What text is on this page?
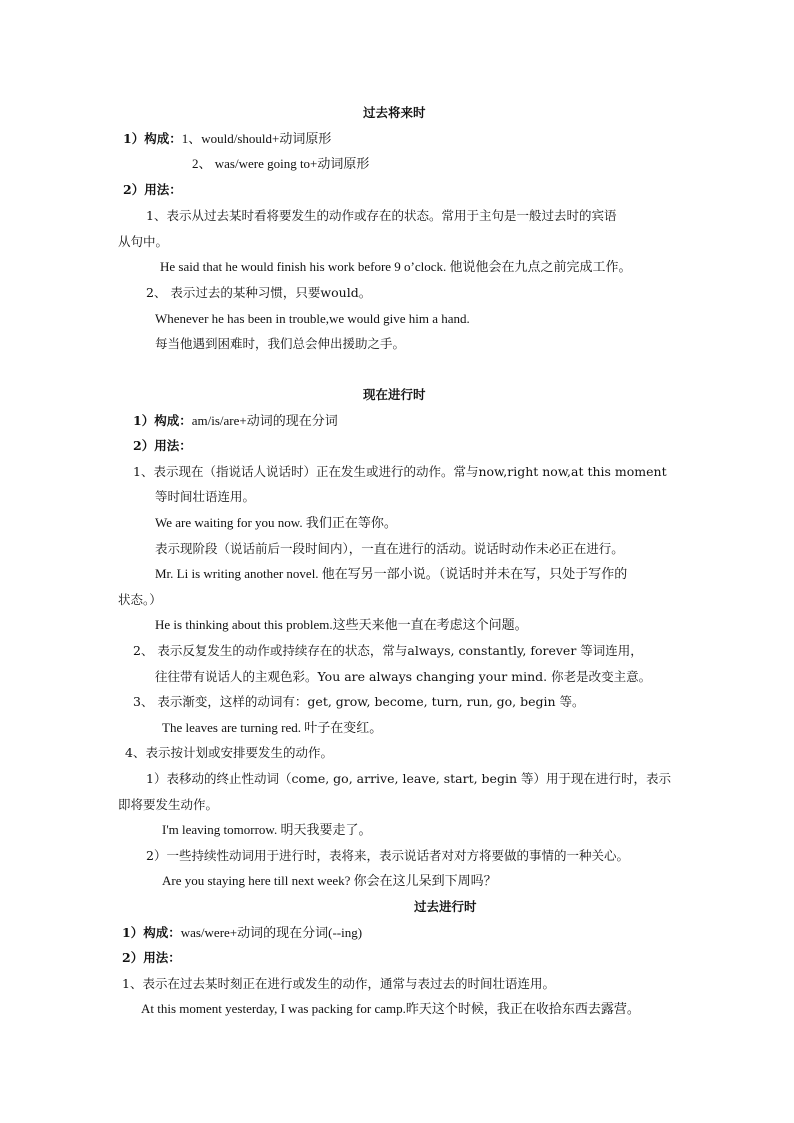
过去将来时
1）构成：1、would/should+动词原形
2、 was/were going to+动词原形
2）用法：
1、表示从过去某时看将要发生的动作或存在的状态。常用于主句是一般过去时的宾语
从句中。
He said that he would finish his work before 9 o’clock. 他说他会在九点之前完成工作。
2、 表示过去的某种习惯，只要would。
Whenever he has been in trouble,we would give him a hand.
每当他遇到困难时，我们总会伸出援助之手。
现在进行时
1）构成：am/is/are+动词的现在分词
2）用法：
1、表示现在（指说话人说话时）正在发生或进行的动作。常与now,right now,at this moment
等时间壮语连用。
We are waiting for you now. 我们正在等你。
表示现阶段（说话前后一段时间内），一直在进行的活动。说话时动作未必正在进行。
Mr. Li is writing another novel. 他在写另一部小说。（说话时并未在写，只处于写作的
状态。）
He is thinking about this problem.这些天来他一直在考虑这个问题。
2、 表示反复发生的动作或持续存在的状态，常与always, constantly, forever 等词连用，
往往带有说话人的主观色彩。You are always changing your mind. 你老是改变主意。
3、 表示渐变，这样的动词有：get, grow, become, turn, run, go, begin 等。
The leaves are turning red. 叶子在变红。
4、表示按计划或安排要发生的动作。
1）表移动的终止性动词（come, go, arrive, leave, start, begin 等）用于现在进行时，表示
即将要发生动作。
I'm leaving tomorrow. 明天我要走了。
2）一些持续性动词用于进行时，表将来，表示说话者对对方将要做的事情的一种关心。
Are you staying here till next week? 你会在这儿呆到下周吗？
过去进行时
1）构成：was/were+动词的现在分词(--ing)
2）用法：
1、表示在过去某时刻正在进行或发生的动作，通常与表过去的时间壮语连用。
At this moment yesterday, I was packing for camp.昨天这个时候，我正在收拾东西去露营。
